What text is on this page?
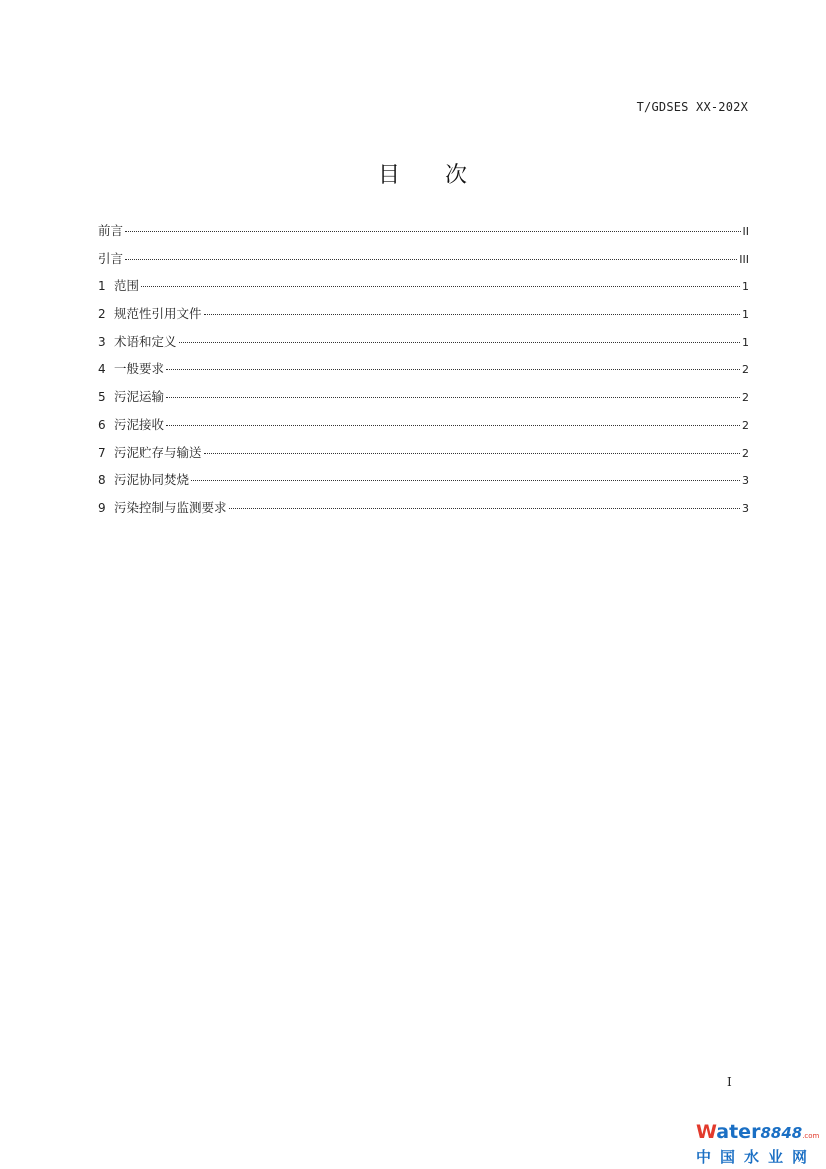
T/GDSES XX-202X
目 次
前言	II
引言	III
1 范围	1
2 规范性引用文件	1
3 术语和定义	1
4 一般要求	2
5 污泥运输	2
6 污泥接收	2
7 污泥贮存与输送	2
8 污泥协同焚烧	3
9 污染控制与监测要求	3
I
Water8848.com
中国水业网
